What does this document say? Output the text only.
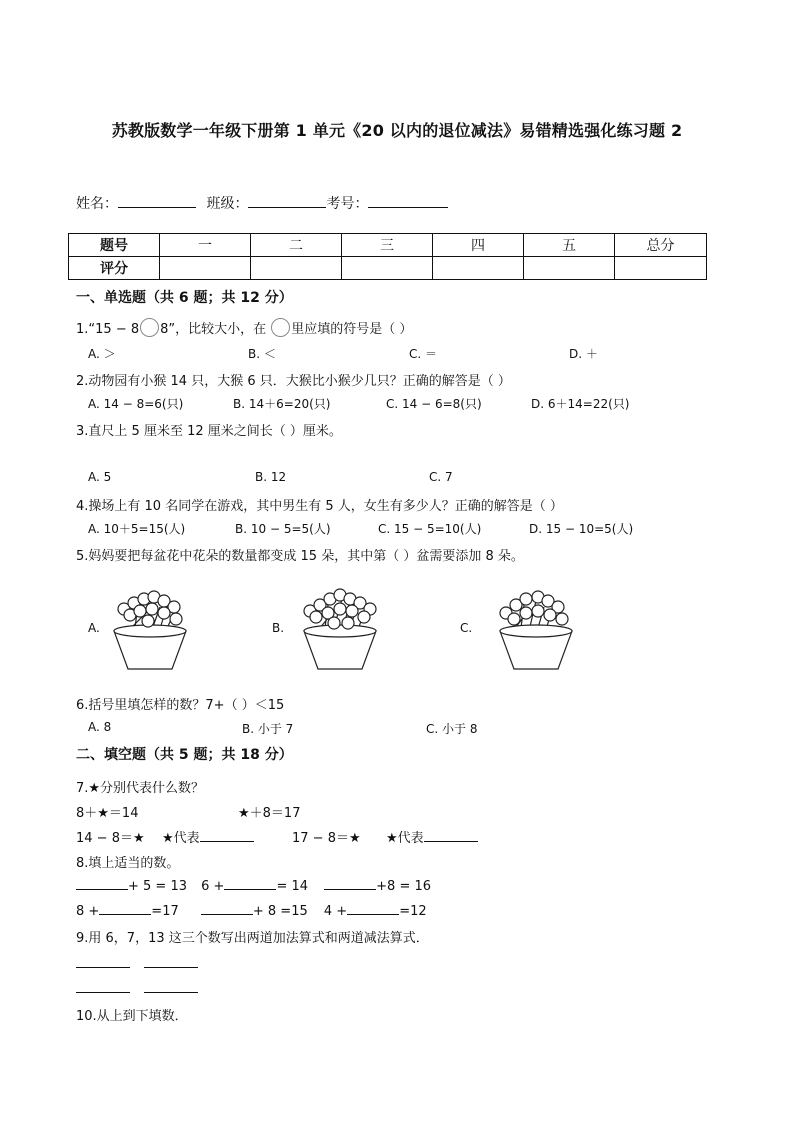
苏教版数学一年级下册第 1 单元《20 以内的退位减法》易错精选强化练习题 2
姓名：	班级：	考号：
题号	一	二	三	四	五	总分
评分						
一、单选题（共 6 题；共 12 分）
1.“15 − 8 8”，比较大小，在 里应填的符号是（ ）
A. ＞	B. ＜	C. ＝	D. ＋
2.动物园有小猴 14 只，大猴 6 只．大猴比小猴少几只？正确的解答是（ ）
A. 14 − 8=6(只)	B. 14＋6=20(只)	C. 14 − 6=8(只)	D. 6＋14=22(只)
3.直尺上 5 厘米至 12 厘米之间长（ ）厘米。
A. 5	B. 12	C. 7
4.操场上有 10 名同学在游戏，其中男生有 5 人，女生有多少人？正确的解答是（ ）
A. 10＋5=15(人)	B. 10 − 5=5(人)	C. 15 − 5=10(人)	D. 15 − 10=5(人)
5.妈妈要把每盆花中花朵的数量都变成 15 朵，其中第（ ）盆需要添加 8 朵。
A.	B.	C.
6.括号里填怎样的数？7+（ ）＜15
A. 8	B. 小于 7	C. 小于 8
二、填空题（共 5 题；共 18 分）
7.★分别代表什么数？
8＋★＝14	★＋8＝17
14 − 8＝★ ★代表	17 − 8＝★ ★代表
8.填上适当的数。
+ 5 = 13 6 +	= 14	+8 = 16
8 +	=17	+ 8 =15 4 +	=12
9.用 6，7，13 这三个数写出两道加法算式和两道减法算式．

10.从上到下填数．
